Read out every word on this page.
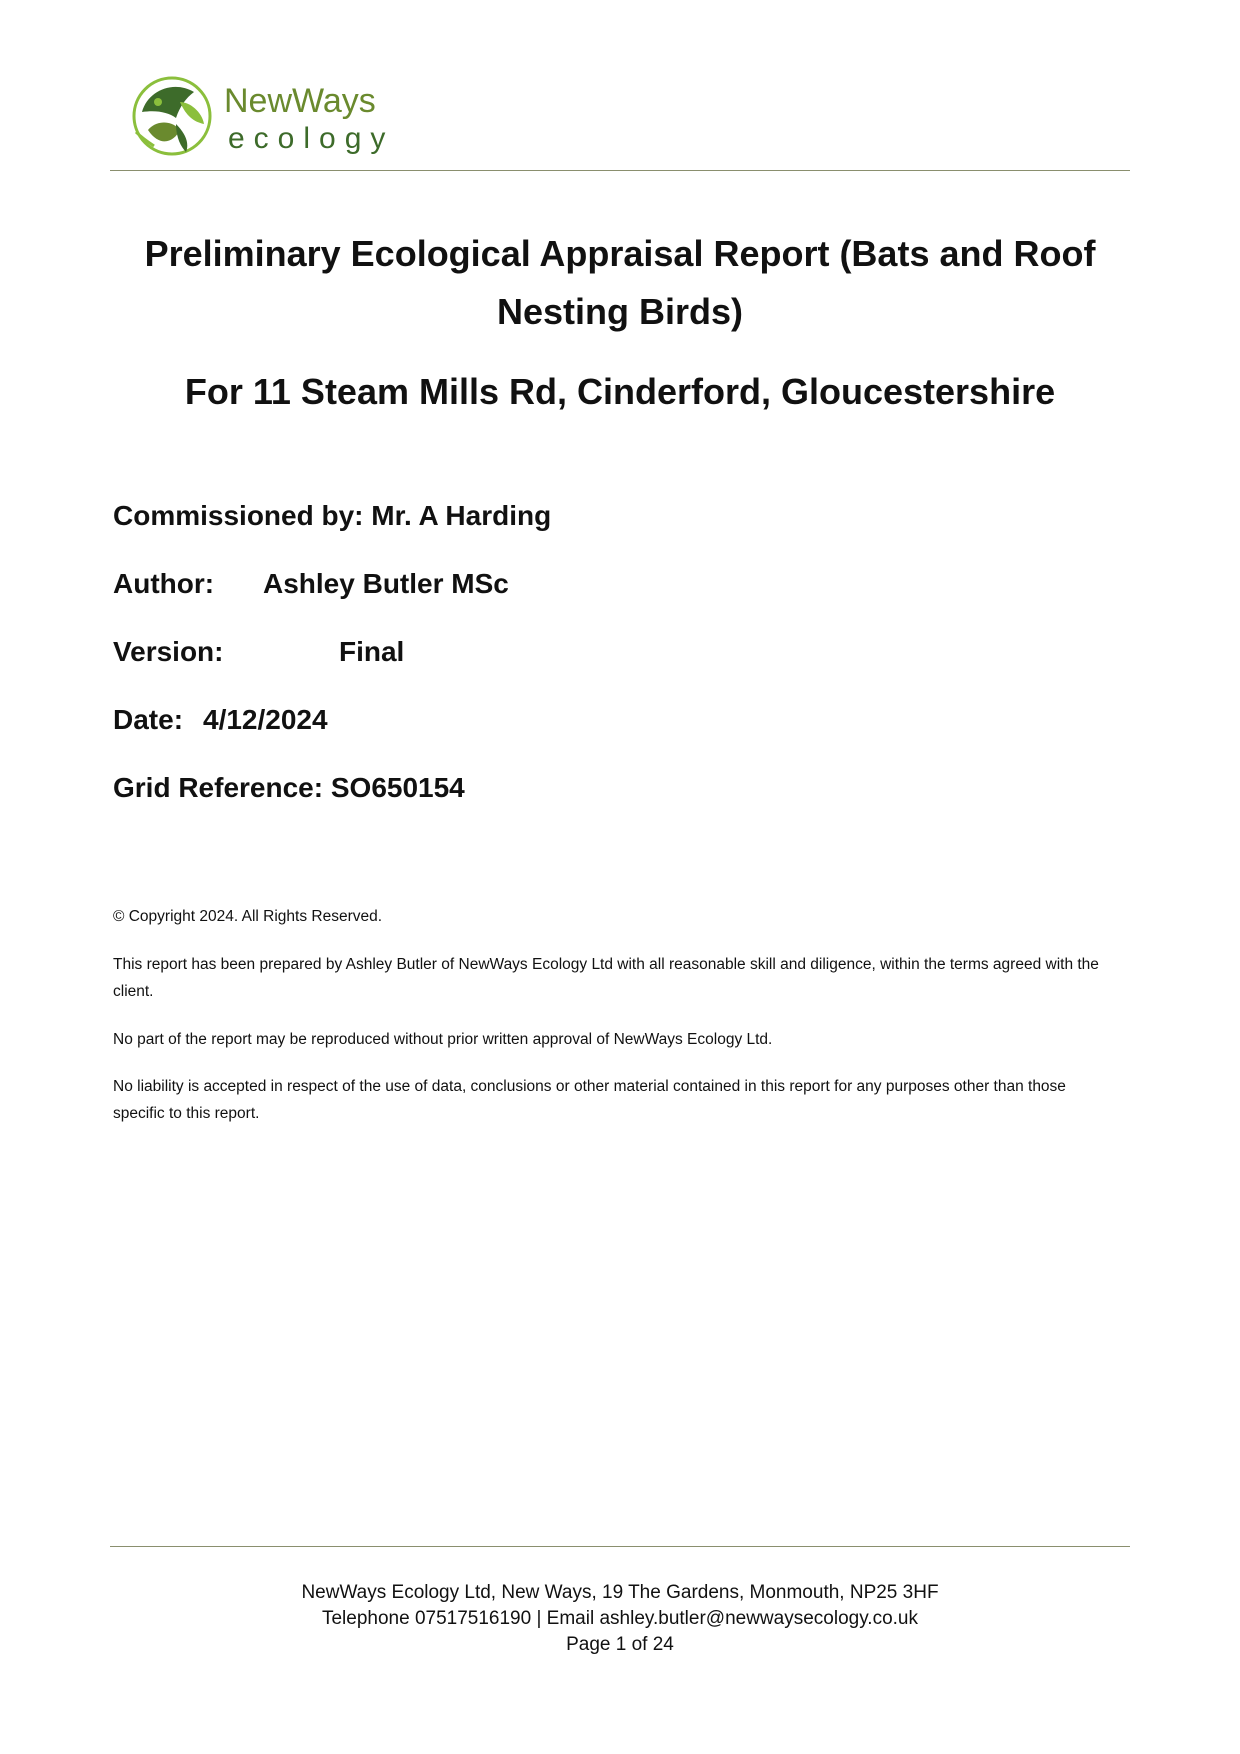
NewWays
ecology
Preliminary Ecological Appraisal Report (Bats and Roof Nesting Birds)
For 11 Steam Mills Rd, Cinderford, Gloucestershire

Commissioned by: Mr. A Harding

Author: Ashley Butler MSc

Version:	Final

Date: 4/12/2024

Grid Reference: SO650154

© Copyright 2024. All Rights Reserved.

This report has been prepared by Ashley Butler of NewWays Ecology Ltd with all reasonable skill and diligence, within the terms agreed with the client.

No part of the report may be reproduced without prior written approval of NewWays Ecology Ltd.

No liability is accepted in respect of the use of data, conclusions or other material contained in this report for any purposes other than those specific to this report.

NewWays Ecology Ltd, New Ways, 19 The Gardens, Monmouth, NP25 3HF

Telephone 07517516190 | Email ashley.butler@newwaysecology.co.uk

Page 1 of 24
